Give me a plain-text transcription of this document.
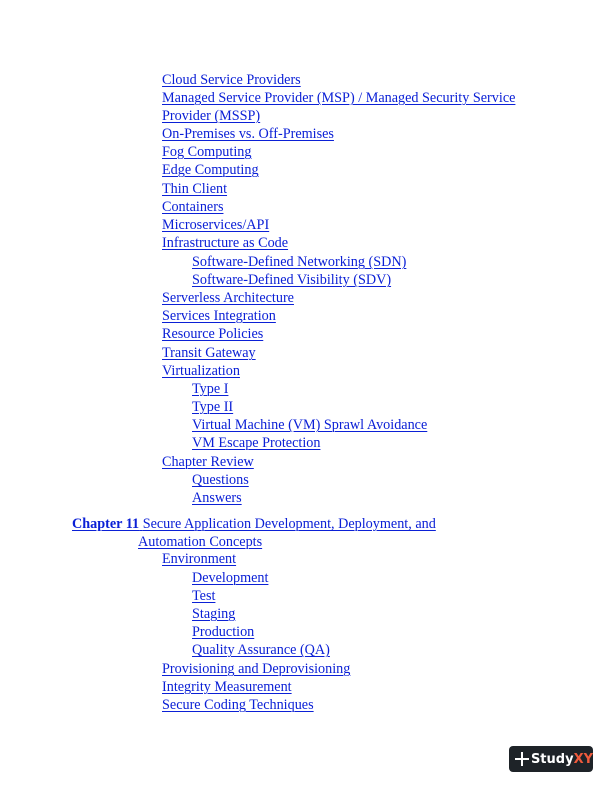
Cloud Service Providers
Managed Service Provider (MSP) / Managed Security Service
Provider (MSSP)
On-Premises vs. Off-Premises
Fog Computing
Edge Computing
Thin Client
Containers
Microservices/API
Infrastructure as Code
Software-Defined Networking (SDN)
Software-Defined Visibility (SDV)
Serverless Architecture
Services Integration
Resource Policies
Transit Gateway
Virtualization
Type I
Type II
Virtual Machine (VM) Sprawl Avoidance
VM Escape Protection
Chapter Review
Questions
Answers
Chapter 11 Secure Application Development, Deployment, and
Automation Concepts
Environment
Development
Test
Staging
Production
Quality Assurance (QA)
Provisioning and Deprovisioning
Integrity Measurement
Secure Coding Techniques
Study XY
